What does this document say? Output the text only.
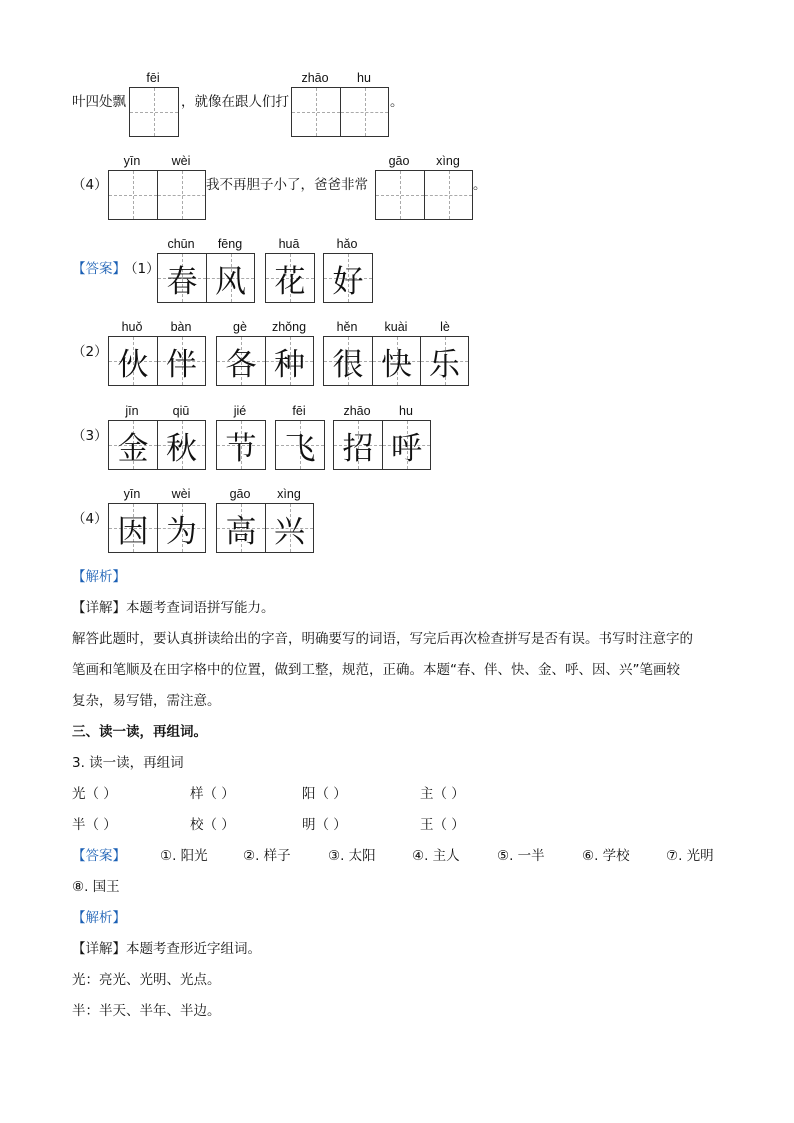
叶四处飘
fēi
，就像在跟人们打
zhāo	hu
。
（4）
yīn	wèi
我不再胆子小了，爸爸非常
gāo	xìng
。
【答案】
（1）
chūn	fēng
春 风
huā
花
hǎo
好
（2）
huǒ	bàn
伙 伴
gè	zhǒng
各 种
hěn	kuài	lè
很 快 乐
（3）
jīn	qiū
金 秋
jié
节
fēi
飞
zhāo	hu
招 呼
（4）
yīn	wèi
因 为
gāo	xìng
高 兴
【解析】
【详解】本题考查词语拼写能力。
解答此题时，要认真拼读给出的字音，明确要写的词语，写完后再次检查拼写是否有误。书写时注意字的
笔画和笔顺及在田字格中的位置，做到工整，规范，正确。本题“春、伴、快、金、呼、因、兴”笔画较
复杂，易写错，需注意。
三、读一读，再组词。
3. 读一读，再组词
光（ ）	样（ ）	阳（ ）	主（ ）
半（ ）	校（ ）	明（ ）	王（ ）
【答案】	①. 阳光	②. 样子	③. 太阳	④. 主人	⑤. 一半	⑥. 学校	⑦. 光明
⑧. 国王
【解析】
【详解】本题考查形近字组词。
光：亮光、光明、光点。
半：半天、半年、半边。
